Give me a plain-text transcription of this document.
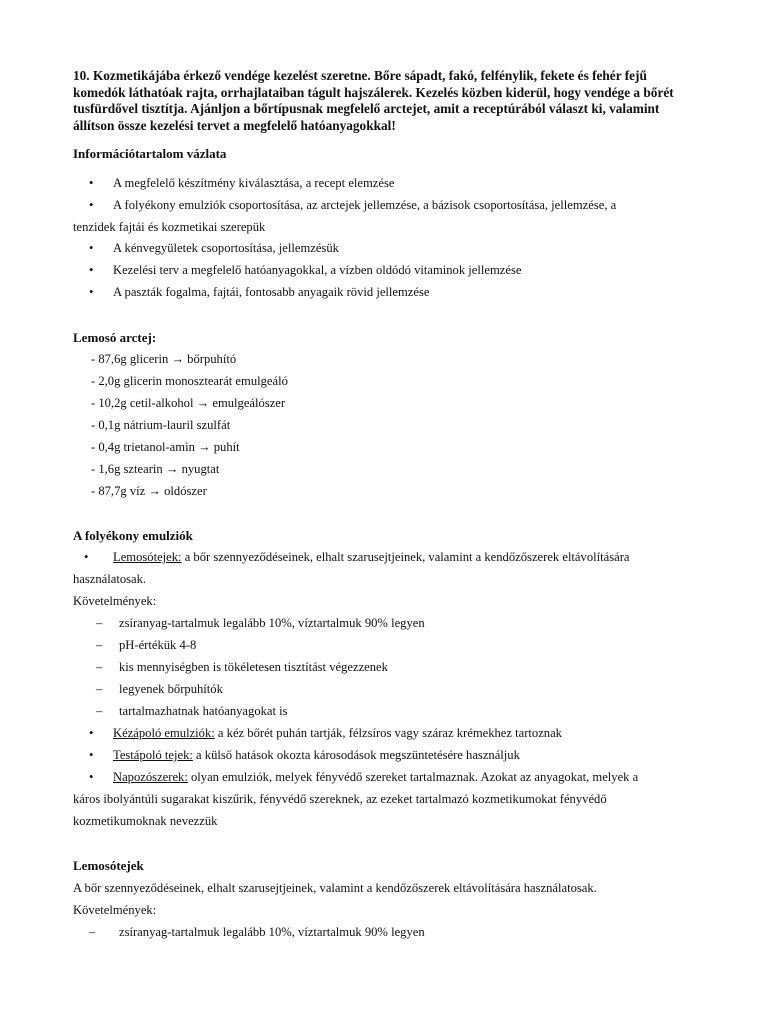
10. Kozmetikájába érkező vendége kezelést szeretne. Bőre sápadt, fakó, felfénylik, fekete és fehér fejű komedók láthatóak rajta, orrhajlataiban tágult hajszálerek. Kezelés közben kiderül, hogy vendége a bőrét tusfürdővel tisztítja. Ajánljon a bőrtípusnak megfelelő arctejet, amit a receptúrából választ ki, valamint állítson össze kezelési tervet a megfelelő hatóanyagokkal!
Információtartalom vázlata
• A megfelelő készítmény kiválasztása, a recept elemzése
• A folyékony emulziók csoportosítása, az arctejek jellemzése, a bázisok csoportosítása, jellemzése, a
tenzidek fajtái és kozmetikai szerepük
• A kénvegyületek csoportosítása, jellemzésük
• Kezelési terv a megfelelő hatóanyagokkal, a vízben oldódó vitaminok jellemzése
• A paszták fogalma, fajtái, fontosabb anyagaik rövid jellemzése
Lemosó arctej:
- 87,6g glicerin → bőrpuhító
- 2,0g glicerin monosztearát emulgeáló
- 10,2g cetil-alkohol → emulgeálószer
- 0,1g nátrium-lauril szulfát
- 0,4g trietanol-amin → puhít
- 1,6g sztearin → nyugtat
- 87,7g víz → oldószer
A folyékony emulziók
• Lemosótejek: a bőr szennyeződéseinek, elhalt szarusejtjeinek, valamint a kendőzőszerek eltávolítására
használatosak.
Követelmények:
– zsíranyag-tartalmuk legalább 10%, víztartalmuk 90% legyen
– pH-értékük 4-8
– kis mennyiségben is tökéletesen tisztítást végezzenek
– legyenek bőrpuhítók
– tartalmazhatnak hatóanyagokat is
• Kézápoló emulziók: a kéz bőrét puhán tartják, félzsíros vagy száraz krémekhez tartoznak
• Testápoló tejek: a külső hatások okozta károsodások megszüntetésére használjuk
• Napozószerek: olyan emulziók, melyek fényvédő szereket tartalmaznak. Azokat az anyagokat, melyek a
káros ibolyántúli sugarakat kiszűrik, fényvédő szereknek, az ezeket tartalmazó kozmetikumokat fényvédő
kozmetikumoknak nevezzük
Lemosótejek
A bőr szennyeződéseinek, elhalt szarusejtjeinek, valamint a kendőzőszerek eltávolítására használatosak.
Követelmények:
– zsíranyag-tartalmuk legalább 10%, víztartalmuk 90% legyen
